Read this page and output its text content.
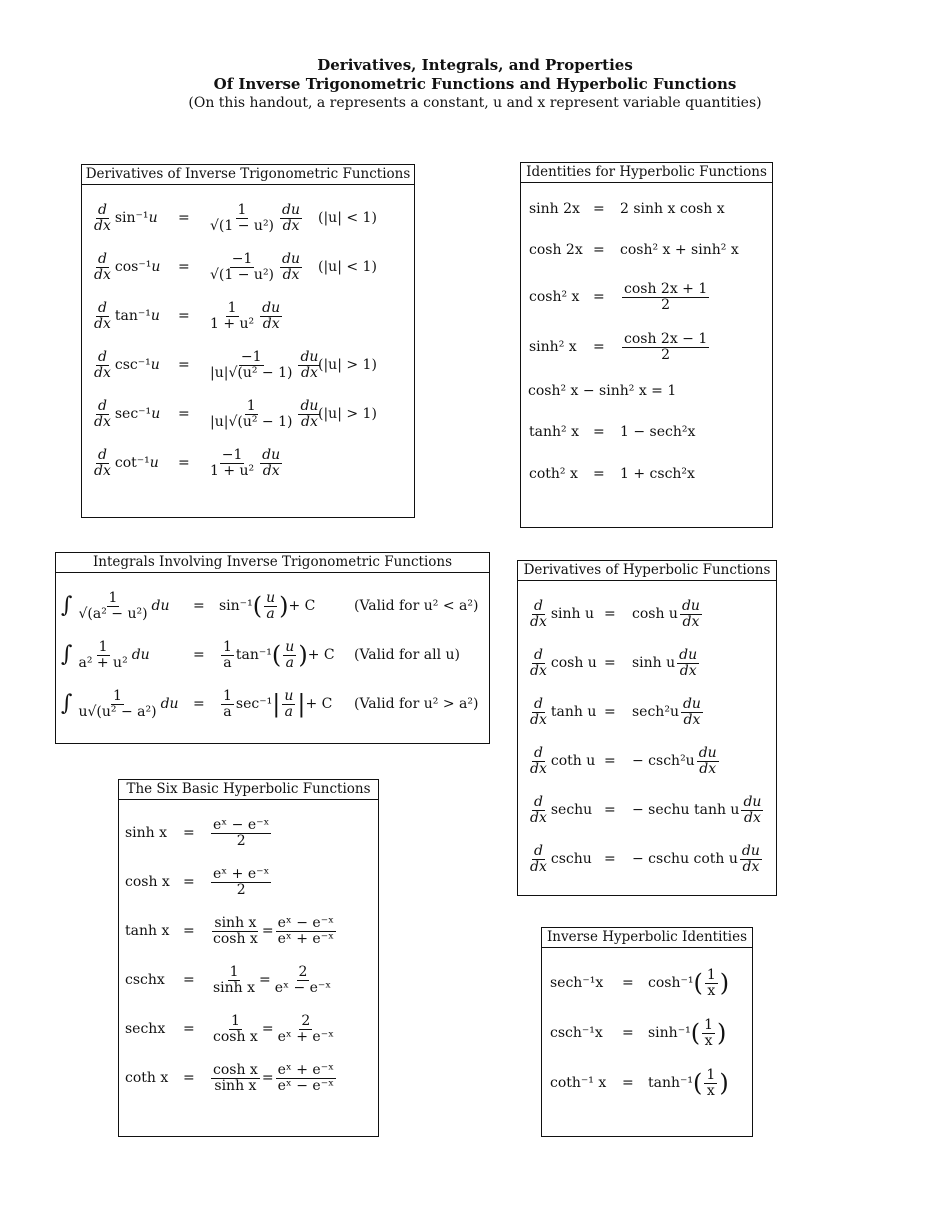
Derivatives, Integrals, and Properties
Of Inverse Trigonometric Functions and Hyperbolic Functions
(On this handout, a represents a constant, u and x represent variable quantities)
Derivatives of Inverse Trigonometric Functions
$\frac{d}{dx}$ sin ⁻¹ $u = \frac{1}{\text{√(1 − u²)}} \frac{du}{dx} (|u| < 1)$
$\frac{d}{dx}$ cos ⁻¹ $u = \frac{-1}{\text{√(1 − u²)}} \frac{du}{dx} (|u| < 1)$
$\frac{d}{dx}$ tan ⁻¹ $u = \frac{1}{\text{1 + u²}} \frac{du}{dx}$
$\frac{d}{dx}$ csc ⁻¹ $u = \frac{-1}{\text{|u|√(u² − 1)}} \frac{du}{dx}$
(|u| > 1)
$\frac{d}{dx}$ sec ⁻¹ $u = \frac{1}{\text{|u|√(u² − 1)}} \frac{du}{dx}$
(|u| > 1)
$\frac{d}{dx}$ cot ⁻¹ $u = \frac{-1}{\text{1 + u²}} \frac{du}{dx}$
Identities for Hyperbolic Functions
sinh 2x = 2 sinh x cosh x
cosh 2x = cosh² x + sinh² x
cosh² $x = \frac{\cosh 2x + 1}{2}$
sinh² $x = \frac{\cosh 2x - 1}{2}$
cosh² x − sinh² x = 1
tanh² x = 1 − sech²x
coth² x = 1 + csch²x
Integrals Involving Inverse Trigonometric Functions
∫ $\frac{1}{\text{√(a² − u²)}}$ du = sin⁻¹ ( $\frac{u}{a}$ ) + C	(Valid for u² < a²)
∫ $\frac{1}{\text{a² + u²}}$ du	= $\frac{1}{a} \tan^{-1}$ ( $\frac{u}{a}$ ) + C (Valid for all u)
∫ $\frac{1}{\text{u√(u² − a²)}}$ du = $\frac{1}{a} \sec^{-1}$ | $\frac{u}{a}$ | + C (Valid for u² > a²)
Derivatives of Hyperbolic Functions
$\frac{d}{dx}$ sinh u = cosh u $\frac{du}{dx}$
$\frac{d}{dx}$ cosh u = sinh u $\frac{du}{dx}$
$\frac{d}{dx}$ $\tanh u = \sec h^2u \frac{du}{dx}$
$\frac{d}{dx}$ coth u = − $\csc h^2u \frac{du}{dx}$
$\frac{d}{dx}$ sechu = − sechu tanh u $\frac{du}{dx}$
$\frac{d}{dx}$ cschu = − cschu coth u $\frac{du}{dx}$
The Six Basic Hyperbolic Functions
$\sinh x = \frac{\text{eˣ − e⁻ˣ}}{2}$
$\cosh x = \frac{\text{eˣ + e⁻ˣ}}{2}$
$\tanh x = \frac{\text{sinh x}}{\text{cosh x}} = \frac{\text{eˣ − e⁻ˣ}}{\text{eˣ + e⁻ˣ}}$
cschx = $\frac{1}{\text{sinh x}} = \frac{2}{\text{eˣ − e⁻ˣ}}$
sechx = $\frac{1}{\text{cosh x}} = \frac{2}{\text{eˣ + e⁻ˣ}}$
coth $x = \frac{\text{cosh x}}{\text{sinh x}} = \frac{\text{eˣ + e⁻ˣ}}{\text{eˣ − e⁻ˣ}}$
Inverse Hyperbolic Identities
sech⁻¹x = cosh⁻¹ ( $\frac{1}{x}$ )
csch⁻¹x = sinh⁻¹ ( $\frac{1}{x}$ )
coth⁻¹ x = tanh⁻¹ ( $\frac{1}{x}$ )
